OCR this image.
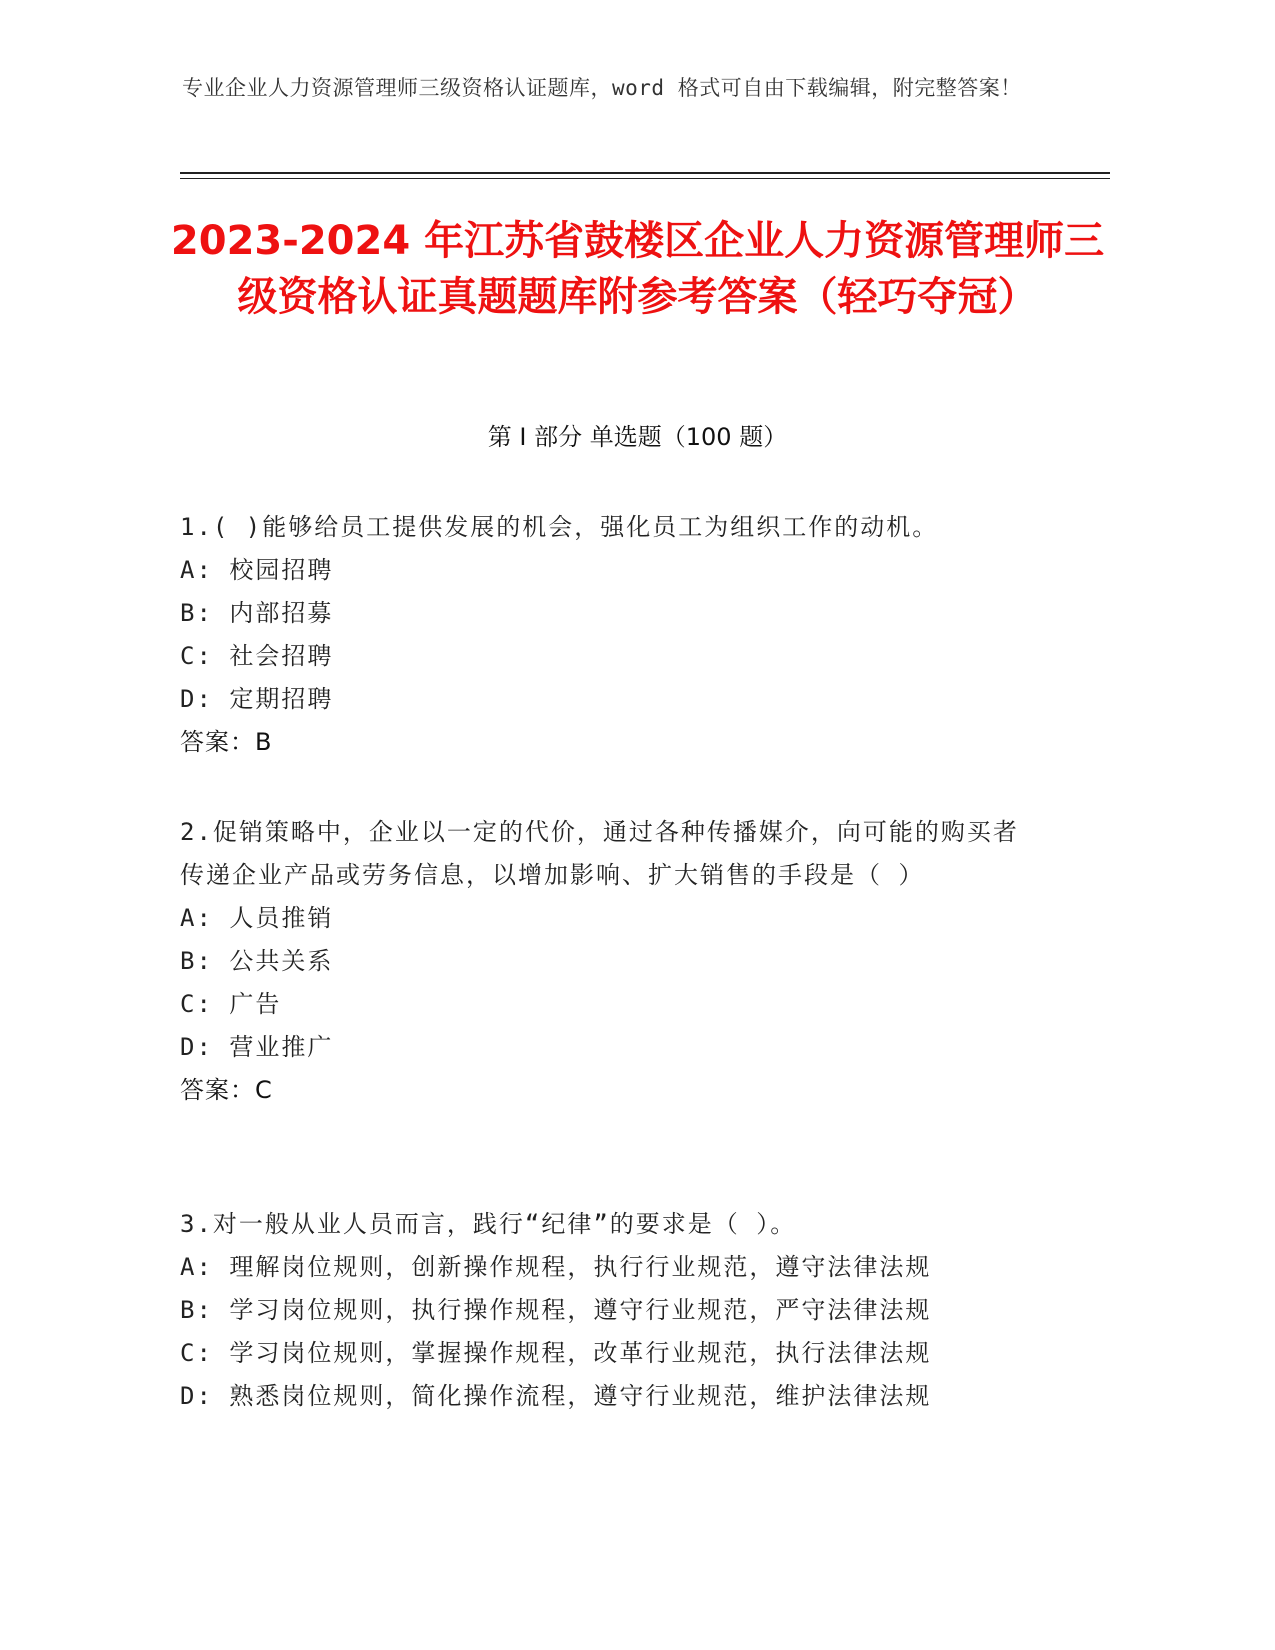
专业企业人力资源管理师三级资格认证题库，word 格式可自由下载编辑，附完整答案！
2023-2024 年江苏省鼓楼区企业人力资源管理师三级资格认证真题题库附参考答案（轻巧夺冠）
第 I 部分 单选题（100 题）
1.( )能够给员工提供发展的机会，强化员工为组织工作的动机。
A: 校园招聘
B: 内部招募
C: 社会招聘
D: 定期招聘
答案：B
2.促销策略中，企业以一定的代价，通过各种传播媒介，向可能的购买者传递企业产品或劳务信息，以增加影响、扩大销售的手段是（ ）
A: 人员推销
B: 公共关系
C: 广告
D: 营业推广
答案：C
3.对一般从业人员而言，践行“纪律”的要求是（ ）。
A: 理解岗位规则，创新操作规程，执行行业规范，遵守法律法规
B: 学习岗位规则，执行操作规程，遵守行业规范，严守法律法规
C: 学习岗位规则，掌握操作规程，改革行业规范，执行法律法规
D: 熟悉岗位规则，简化操作流程，遵守行业规范，维护法律法规
